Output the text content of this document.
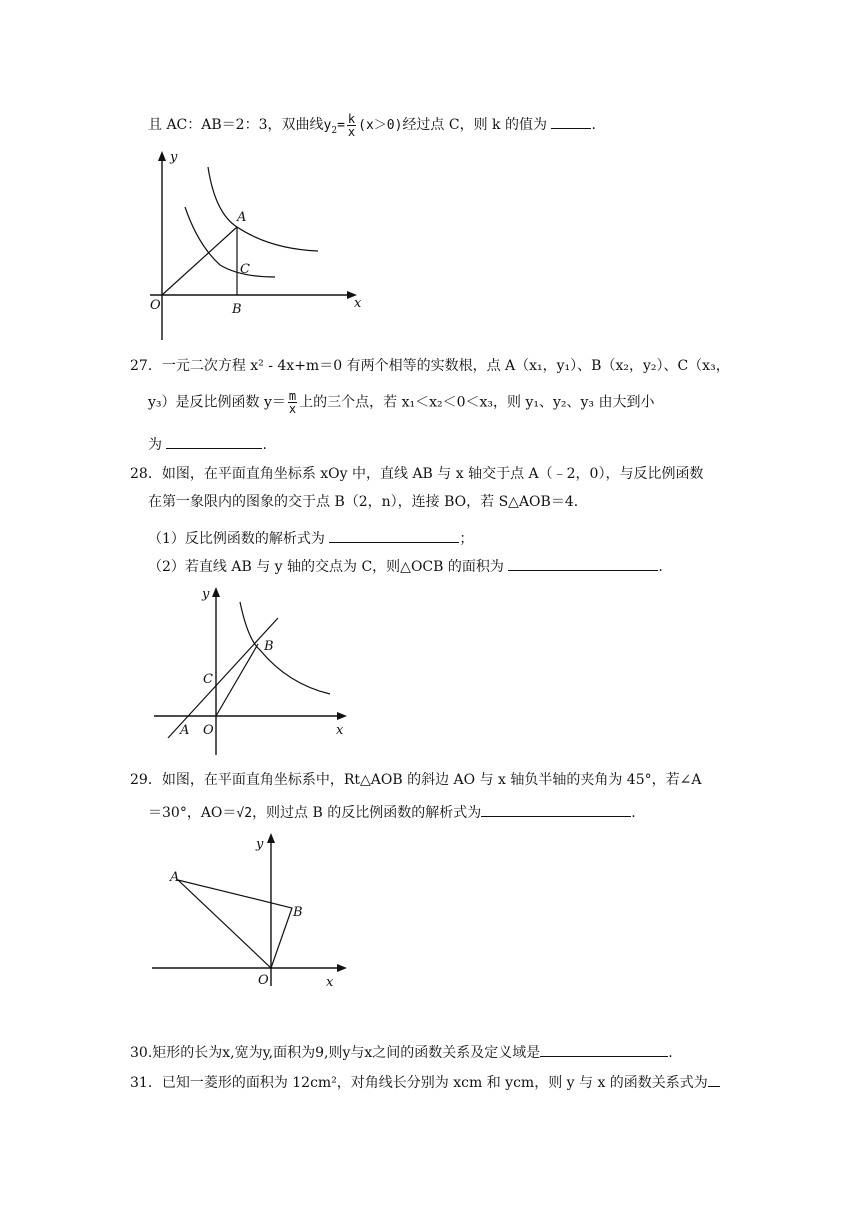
且 AC：AB＝2：3，双曲线$y_2= \frac{k}{x} (x>0)$经过点 C，则 k 的值为	.
y
x
O
A
B
C
27．一元二次方程 x² ‑ 4x+m＝0 有两个相等的实数根，点 A（x₁，y₁）、B（x₂，y₂）、C（x₃，
y₃）是反比例函数 $y= \frac{m}{x}$ 上的三个点，若 x₁＜x₂＜0＜x₃，则 y₁、y₂、y₃ 由大到小
为	.
28．如图，在平面直角坐标系 xOy 中，直线 AB 与 x 轴交于点 A（﹣2，0），与反比例函数
在第一象限内的图象的交于点 B（2，n），连接 BO，若 S△AOB＝4．
（1）反比例函数的解析式为	；
（2）若直线 AB 与 y 轴的交点为 C，则△OCB 的面积为	.
y
x
O
A
B
C
29．如图，在平面直角坐标系中，Rt△AOB 的斜边 AO 与 x 轴负半轴的夹角为 45°，若∠A
＝30°，AO＝√2，则过点 B 的反比例函数的解析式为	.
y
x
O
A
B
30.矩形的长为x,宽为y,面积为9,则y与x之间的函数关系及定义域是	.
31．已知一菱形的面积为 12cm²，对角线长分别为 xcm 和 ycm，则 y 与 x 的函数关系式为
